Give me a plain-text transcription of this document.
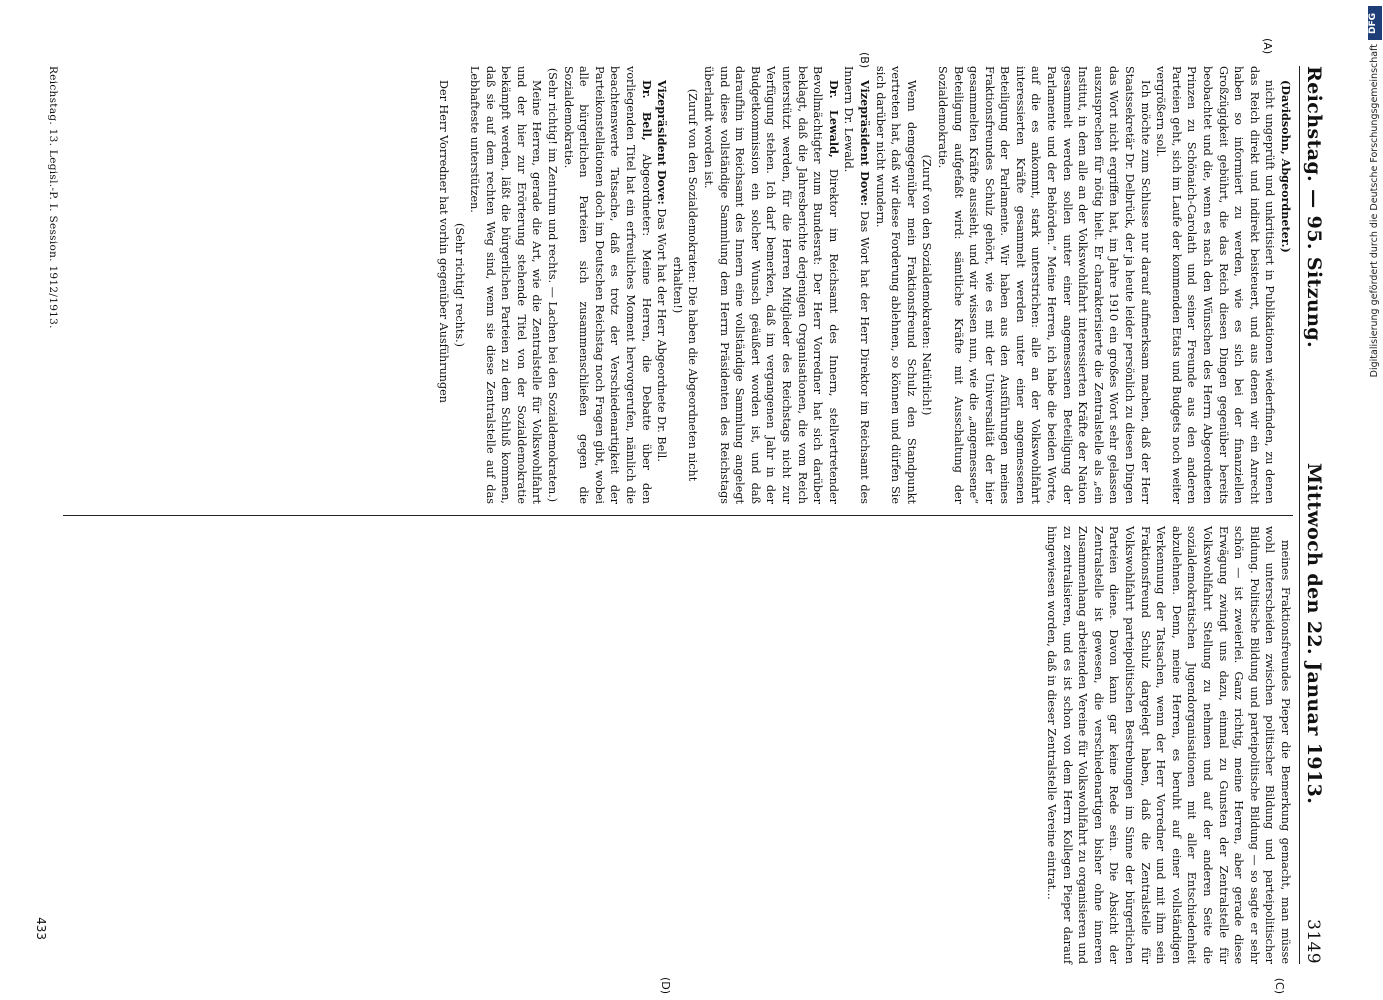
Reichstag. — 95. Sitzung.
Mittwoch den 22. Januar 1913.
3149
(A)

(Davidsohn, Abgeordneter.)

nicht ungeprüft und unkritisiert in Publikationen wiederfinden, zu denen das Reich direkt und indirekt beisteuert, und aus denen wir ein Anrecht haben so informiert zu werden, wie es sich bei der finanziellen Großzügigkeit gebührt, die das Reich diesen Dingen gegenüber bereits beobachtet und die, wenn es nach den Wünschen des Herrn Abgeordneten Prinzen zu Schönaich-Carolath und seiner Freunde aus den anderen Parteien geht, sich im Laufe der kommenden Etats und Budgets noch weiter vergrößern soll.

Ich möchte zum Schlusse nur darauf aufmerksam machen, daß der Herr Staatssekretär Dr. Delbrück, der ja heute leider persönlich zu diesen Dingen das Wort nicht ergriffen hat, im Jahre 1910 ein großes Wort sehr gelassen auszusprechen für nötig hielt. Er charakterisierte die Zentralstelle als „ein Institut, in dem alle an der Volkswohlfahrt interessierten Kräfte der Nation gesammelt werden sollen unter einer angemessenen Beteiligung der Parlamente und der Behörden.“ Meine Herren, ich habe die beiden Worte, auf die es ankommt, stark unterstrichen: alle an der Volkswohlfahrt interessierten Kräfte gesammelt werden unter einer angemessenen Beteiligung der Parlamente. Wir haben aus den Ausführungen meines Fraktionsfreundes Schulz gehört, wie es mit der Universalität der hier gesammelten Kräfte aussieht, und wir wissen nun, wie die „angemessene“ Beteiligung aufgefaßt wird: sämtliche Kräfte mit Ausschaltung der Sozialdemokratie.

(Zuruf von den Sozialdemokraten: Natürlich!)

Wenn demgegenüber mein Fraktionsfreund Schulz den Standpunkt vertreten hat, daß wir diese Forderung ablehnen, so können und dürfen Sie sich darüber nicht wundern.

Vizepräsident Dove: Das Wort hat der Herr Direktor im Reichsamt des Innern Dr. Lewald.
(B)

Dr. Lewald, Direktor im Reichsamt des Innern, stellvertretender Bevollmächtigter zum Bundesrat: Der Herr Vorredner hat sich darüber beklagt, daß die Jahresberichte derjenigen Organisationen, die vom Reich unterstützt werden, für die Herren Mitglieder des Reichstags nicht zur Verfügung stehen. Ich darf bemerken, daß im vergangenen Jahr in der Budgetkommission ein solcher Wunsch geäußert worden ist, und daß daraufhin im Reichsamt des Innern eine vollständige Sammlung angelegt und diese vollständige Sammlung dem Herrn Präsidenten des Reichstags überlandt worden ist.

(Zuruf von den Sozialdemokraten: Die haben die Abgeordneten nicht erhalten!)

Vizepräsident Dove: Das Wort hat der Herr Abgeordnete Dr. Bell.

Dr. Bell, Abgeordneter: Meine Herren, die Debatte über den vorliegenden Titel hat ein erfreuliches Moment hervorgerufen, nämlich die beachtenswerte Tatsache, daß es trotz der Verschiedenartigkeit der Parteikonstellationen doch im Deutschen Reichstag noch Fragen gibt, wobei alle bürgerlichen Parteien sich zusammenschließen gegen die Sozialdemokratie.

(Sehr richtig! im Zentrum und rechts. — Lachen bei den Sozialdemokraten.)

Meine Herren, gerade die Art, wie die Zentralstelle für Volkswohlfahrt und der hier zur Erörterung stehende Titel von der Sozialdemokratie bekämpft werden, läßt die bürgerlichen Parteien zu dem Schluß kommen, daß sie auf dem rechten Weg sind, wenn sie diese Zentralstelle auf das Lebhafteste unterstützen.

(Sehr richtig! rechts.)

Der Herr Vorredner hat vorhin gegenüber Ausführungen

(C)
(D)

meines Fraktionsfreundes Pieper die Bemerkung gemacht, man müsse wohl unterscheiden zwischen politischer Bildung und parteipolitischer Bildung. Politische Bildung und parteipolitische Bildung — so sagte er sehr schön — ist zweierlei. Ganz richtig, meine Herren, aber gerade diese Erwägung zwingt uns dazu, einmal zu Gunsten der Zentralstelle für Volkswohlfahrt Stellung zu nehmen und auf der anderen Seite die sozialdemokratischen Jugendorganisationen mit aller Entschiedenheit abzulehnen. Denn, meine Herren, es beruht auf einer vollständigen Verkennung der Tatsachen, wenn der Herr Vorredner und mit ihm sein Fraktionsfreund Schulz dargelegt haben, daß die Zentralstelle für Volkswohlfahrt parteipolitischen Bestrebungen im Sinne der bürgerlichen Parteien diene. Davon kann gar keine Rede sein. Die Absicht der Zentralstelle ist gewesen, die verschiedenartigen bisher ohne inneren Zusammenhang arbeitenden Vereine für Volkswohlfahrt zu organisieren und zu zentralisieren, und es ist schon von dem Herrn Kollegen Pieper darauf hingewiesen worden, daß in dieser Zentralstelle Vereine eintrat...

Reichstag. 13. Legisl.-P. I. Session. 1912/1913.
433
DFG
Digitalisierung gefördert durch die Deutsche Forschungsgemeinschaft
